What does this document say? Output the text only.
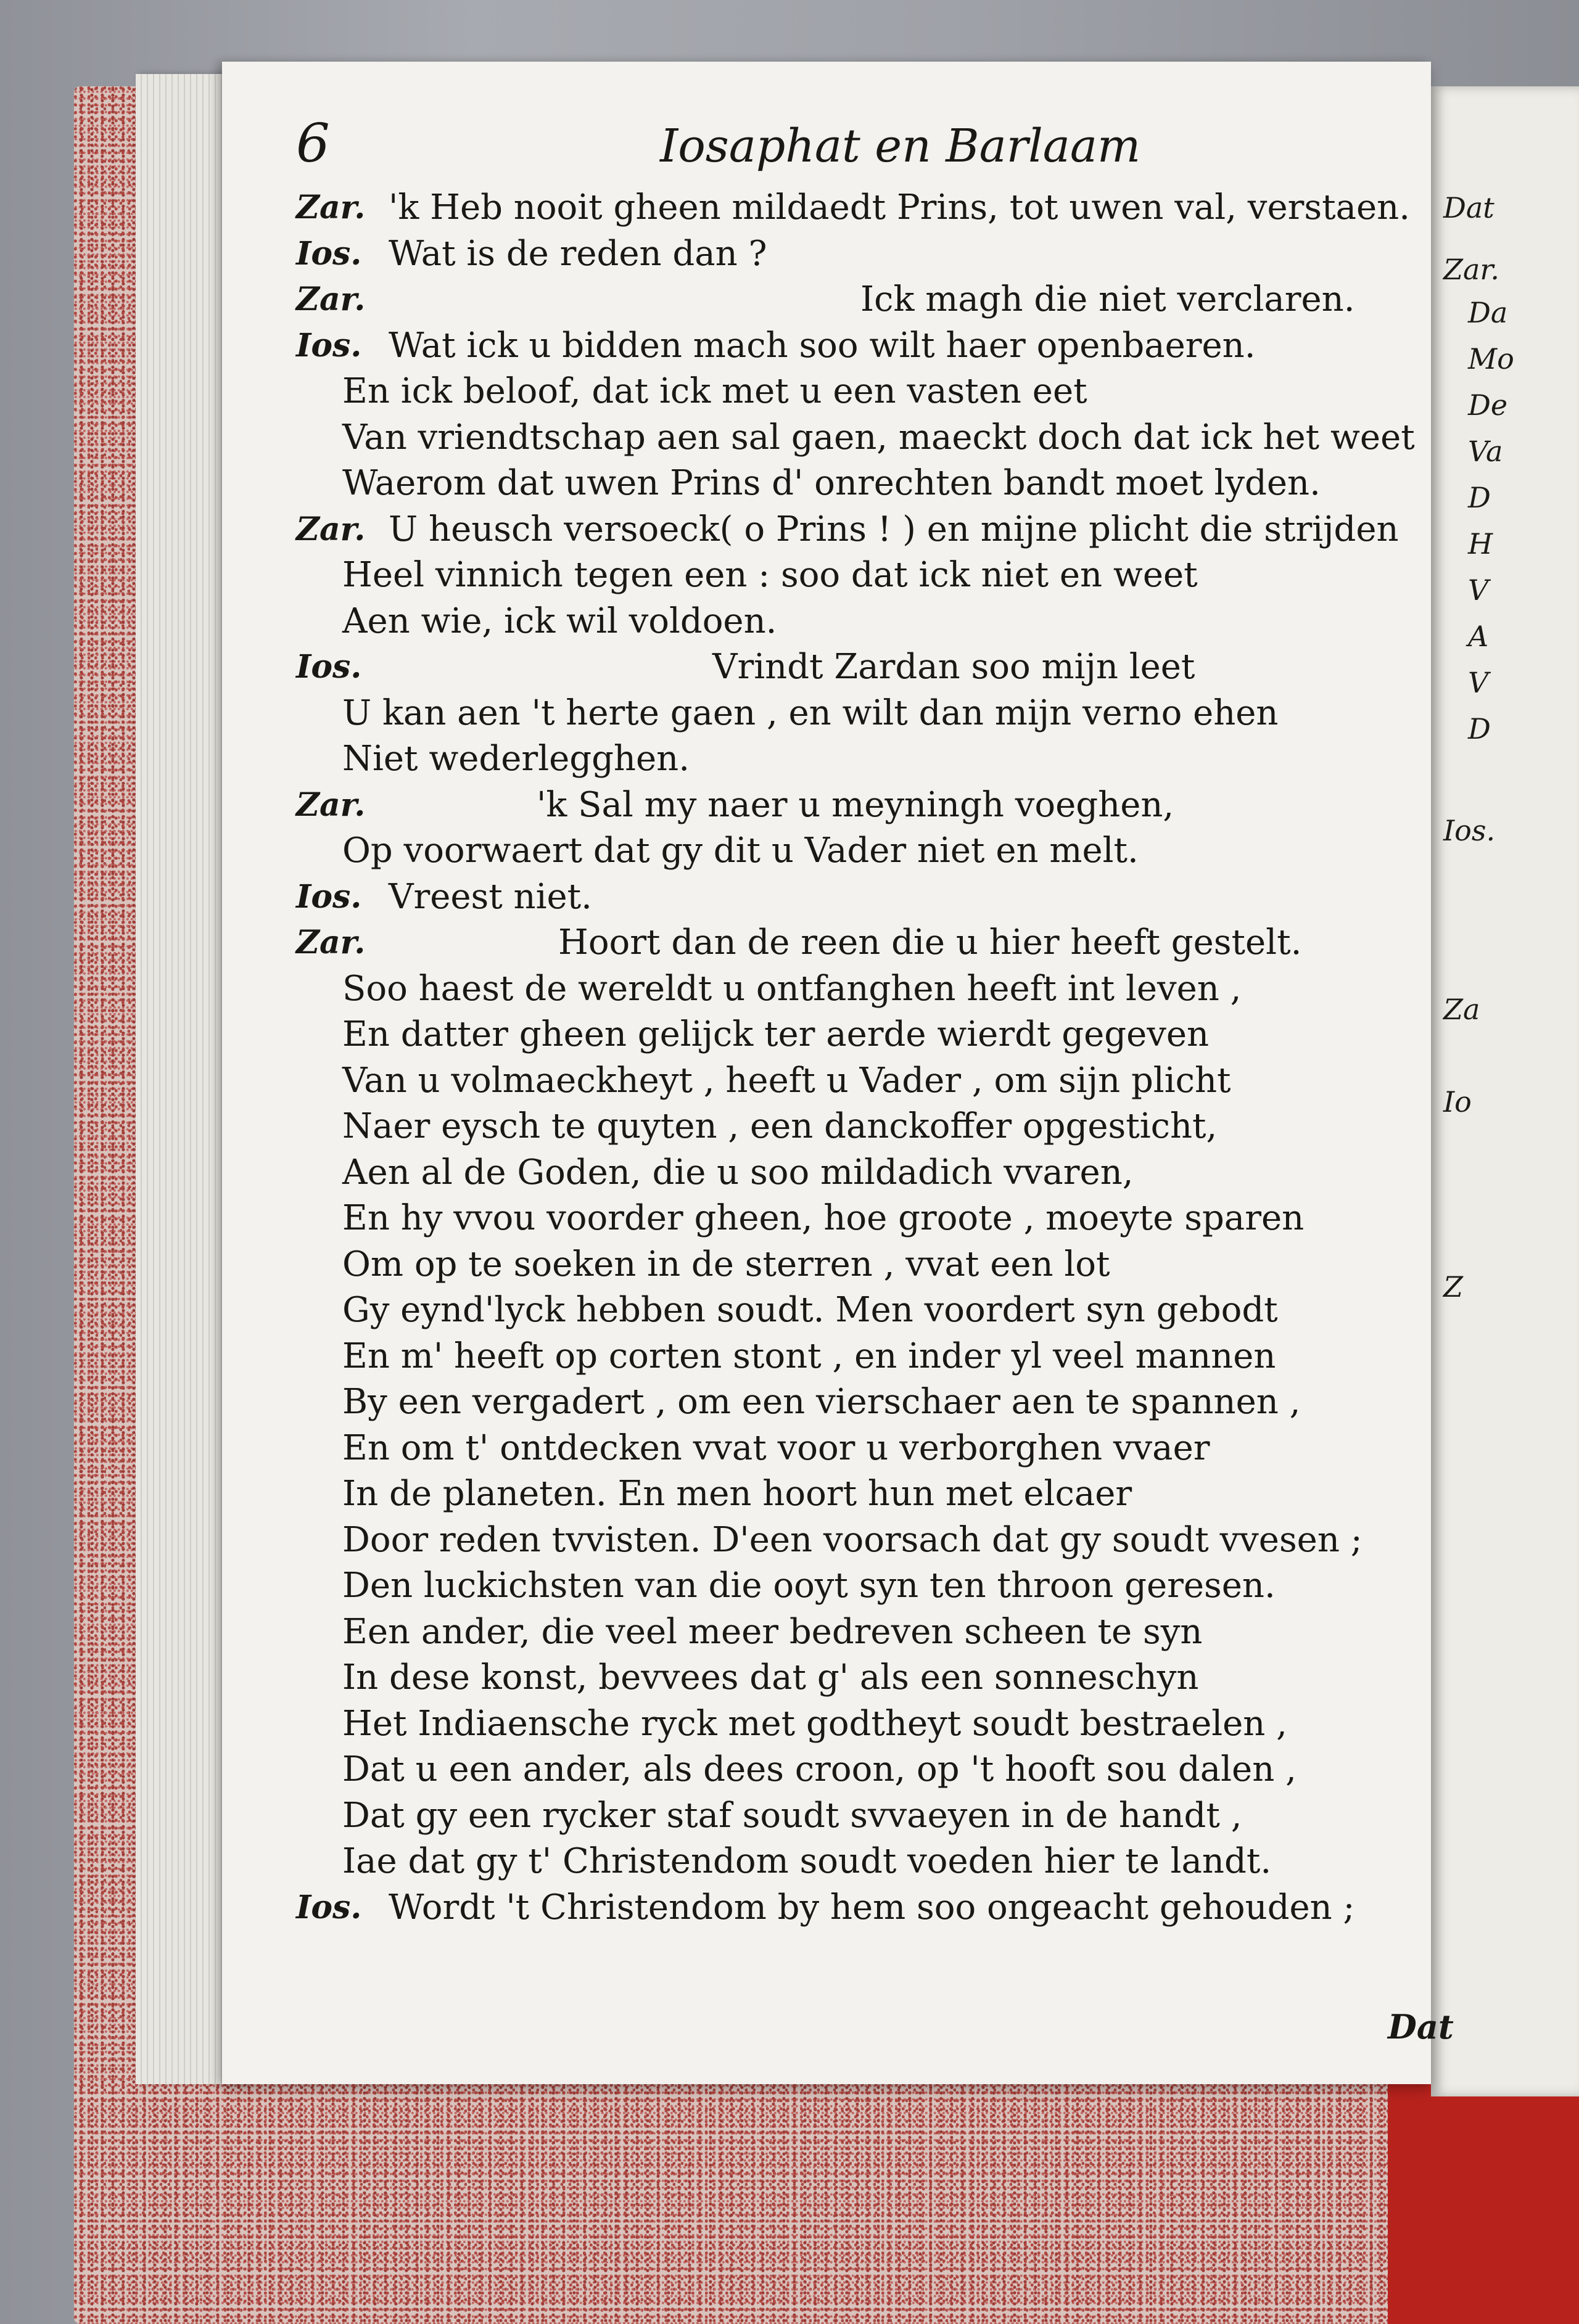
Dat
Zar.
Da
Mo
De
Va
D
H
V
A
V
D
Ios.
Za
Io
Z
6	Iosaphat en Barlaam
Zar. 'k Heb nooit gheen mildaedt Prins, tot uwen val, verstaen.
Ios. Wat is de reden dan ?
Zar.	Ick magh die niet verclaren.
Ios. Wat ick u bidden mach soo wilt haer openbaeren.
En ick beloof, dat ick met u een vasten eet
Van vriendtschap aen sal gaen, maeckt doch dat ick het weet
Waerom dat uwen Prins d' onrechten bandt moet lyden.
Zar. U heusch versoeck( o Prins ! ) en mijne plicht die strijden
Heel vinnich tegen een : soo dat ick niet en weet
Aen wie, ick wil voldoen.
Ios.	Vrindt Zardan soo mijn leet
U kan aen 't herte gaen , en wilt dan mijn verno ehen
Niet wederlegghen.
Zar.	'k Sal my naer u meyningh voeghen,
Op voorwaert dat gy dit u Vader niet en melt.
Ios. Vreest niet.
Zar.	Hoort dan de reen die u hier heeft gestelt.
Soo haest de wereldt u ontfanghen heeft int leven ,
En datter gheen gelijck ter aerde wierdt gegeven
Van u volmaeckheyt , heeft u Vader , om sijn plicht
Naer eysch te quyten , een danckoffer opgesticht,
Aen al de Goden, die u soo mildadich vvaren,
En hy vvou voorder gheen, hoe groote , moeyte sparen
Om op te soeken in de sterren , vvat een lot
Gy eynd'lyck hebben soudt. Men voordert syn gebodt
En m' heeft op corten stont , en inder yl veel mannen
By een vergadert , om een vierschaer aen te spannen ,
En om t' ontdecken vvat voor u verborghen vvaer
In de planeten. En men hoort hun met elcaer
Door reden tvvisten. D'een voorsach dat gy soudt vvesen ;
Den luckichsten van die ooyt syn ten throon geresen.
Een ander, die veel meer bedreven scheen te syn
In dese konst, bevvees dat g' als een sonneschyn
Het Indiaensche ryck met godtheyt soudt bestraelen ,
Dat u een ander, als dees croon, op 't hooft sou dalen ,
Dat gy een rycker staf soudt svvaeyen in de handt ,
Iae dat gy t' Christendom soudt voeden hier te landt.
Ios. Wordt 't Christendom by hem soo ongeacht gehouden ;
Dat
